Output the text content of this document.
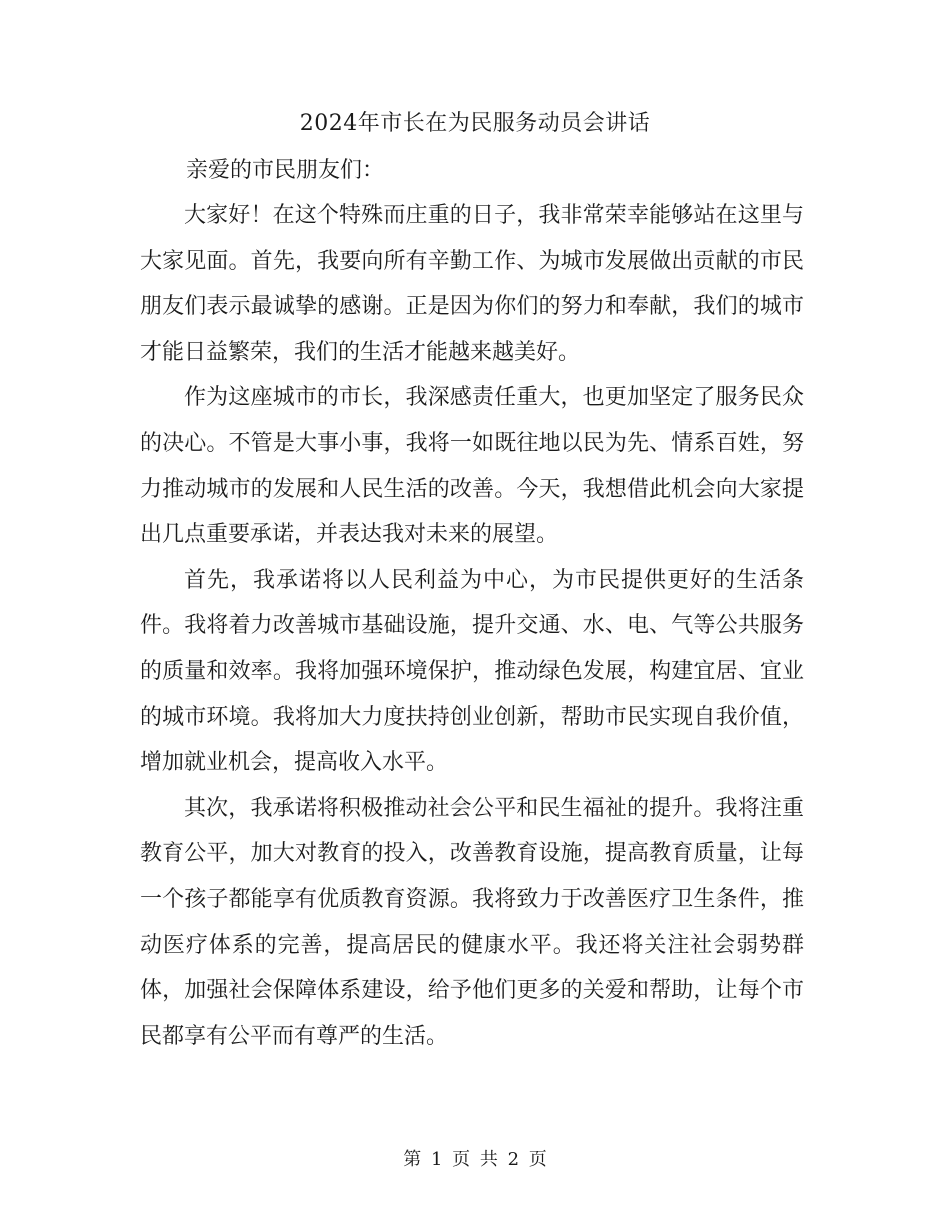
2024年市长在为民服务动员会讲话
亲爱的市民朋友们：

大家好！在这个特殊而庄重的日子，我非常荣幸能够站在这里与大家见面。首先，我要向所有辛勤工作、为城市发展做出贡献的市民朋友们表示最诚挚的感谢。正是因为你们的努力和奉献，我们的城市才能日益繁荣，我们的生活才能越来越美好。

作为这座城市的市长，我深感责任重大，也更加坚定了服务民众的决心。不管是大事小事，我将一如既往地以民为先、情系百姓，努力推动城市的发展和人民生活的改善。今天，我想借此机会向大家提出几点重要承诺，并表达我对未来的展望。

首先，我承诺将以人民利益为中心，为市民提供更好的生活条件。我将着力改善城市基础设施，提升交通、水、电、气等公共服务的质量和效率。我将加强环境保护，推动绿色发展，构建宜居、宜业的城市环境。我将加大力度扶持创业创新，帮助市民实现自我价值，增加就业机会，提高收入水平。

其次，我承诺将积极推动社会公平和民生福祉的提升。我将注重教育公平，加大对教育的投入，改善教育设施，提高教育质量，让每一个孩子都能享有优质教育资源。我将致力于改善医疗卫生条件，推动医疗体系的完善，提高居民的健康水平。我还将关注社会弱势群体，加强社会保障体系建设，给予他们更多的关爱和帮助，让每个市民都享有公平而有尊严的生活。

第 1 页 共 2 页
